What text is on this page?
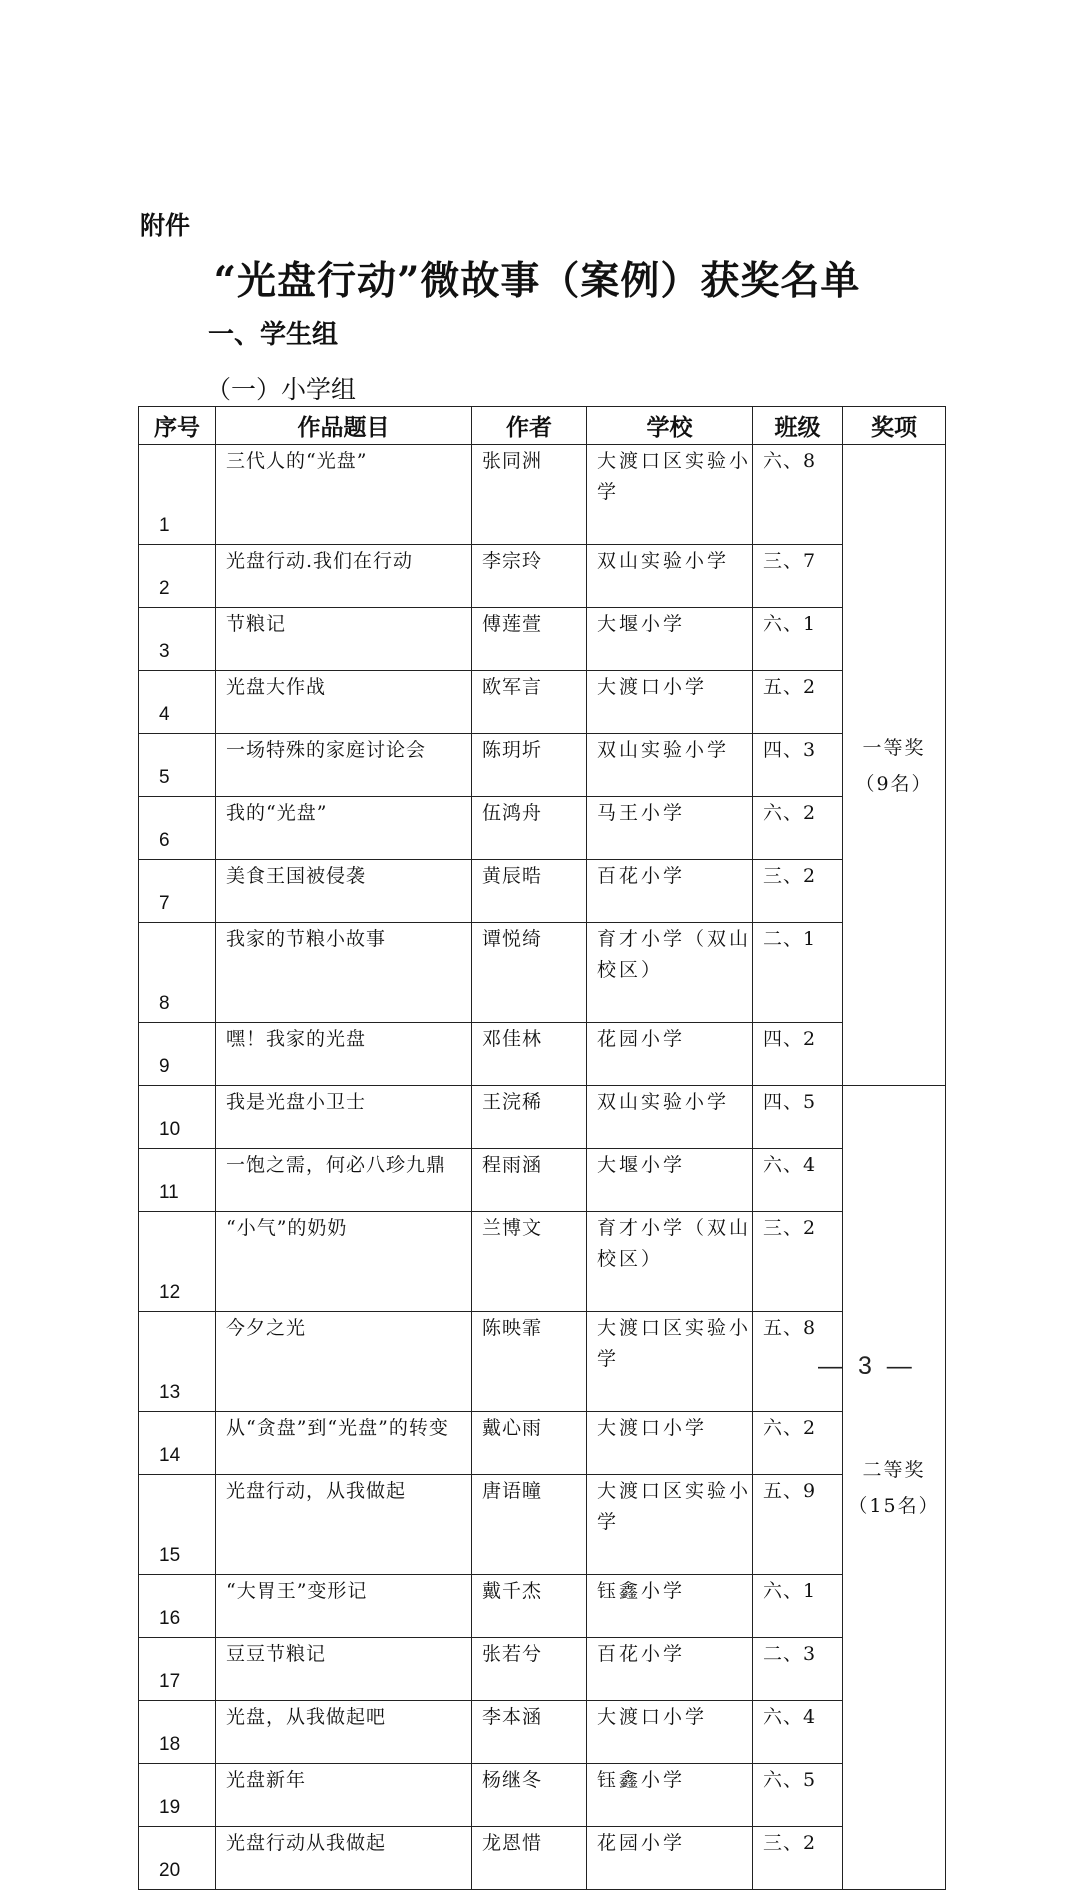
附件
“光盘行动”微故事（案例）获奖名单
一、学生组
（一）小学组
序号	作品题目	作者	学校	班级	奖项
1	三代人的“光盘”	张同洲	大渡口区实验小学	六、8	一等奖
（9名）
2	光盘行动.我们在行动	李宗玲	双山实验小学	三、7	
3	节粮记	傅莲萱	大堰小学	六、1	
4	光盘大作战	欧军言	大渡口小学	五、2	
5	一场特殊的家庭讨论会	陈玥圻	双山实验小学	四、3	
6	我的“光盘”	伍鸿舟	马王小学	六、2	
7	美食王国被侵袭	黄辰晧	百花小学	三、2	
8	我家的节粮小故事	谭悦绮	育才小学（双山校区）	二、1	
9	嘿！我家的光盘	邓佳林	花园小学	四、2	
10	我是光盘小卫士	王浣稀	双山实验小学	四、5	二等奖
（15名）
11	一饱之需，何必八珍九鼎	程雨涵	大堰小学	六、4	
12	“小气”的奶奶	兰博文	育才小学（双山校区）	三、2	
13	今夕之光	陈映霏	大渡口区实验小学	五、8	
14	从“贪盘”到“光盘”的转变	戴心雨	大渡口小学	六、2	
15	光盘行动，从我做起	唐语瞳	大渡口区实验小学	五、9	
16	“大胃王”变形记	戴千杰	钰鑫小学	六、1	
17	豆豆节粮记	张若兮	百花小学	二、3	
18	光盘，从我做起吧	李本涵	大渡口小学	六、4	
19	光盘新年	杨继冬	钰鑫小学	六、5	
20	光盘行动从我做起	龙恩惜	花园小学	三、2	
— 3 —
